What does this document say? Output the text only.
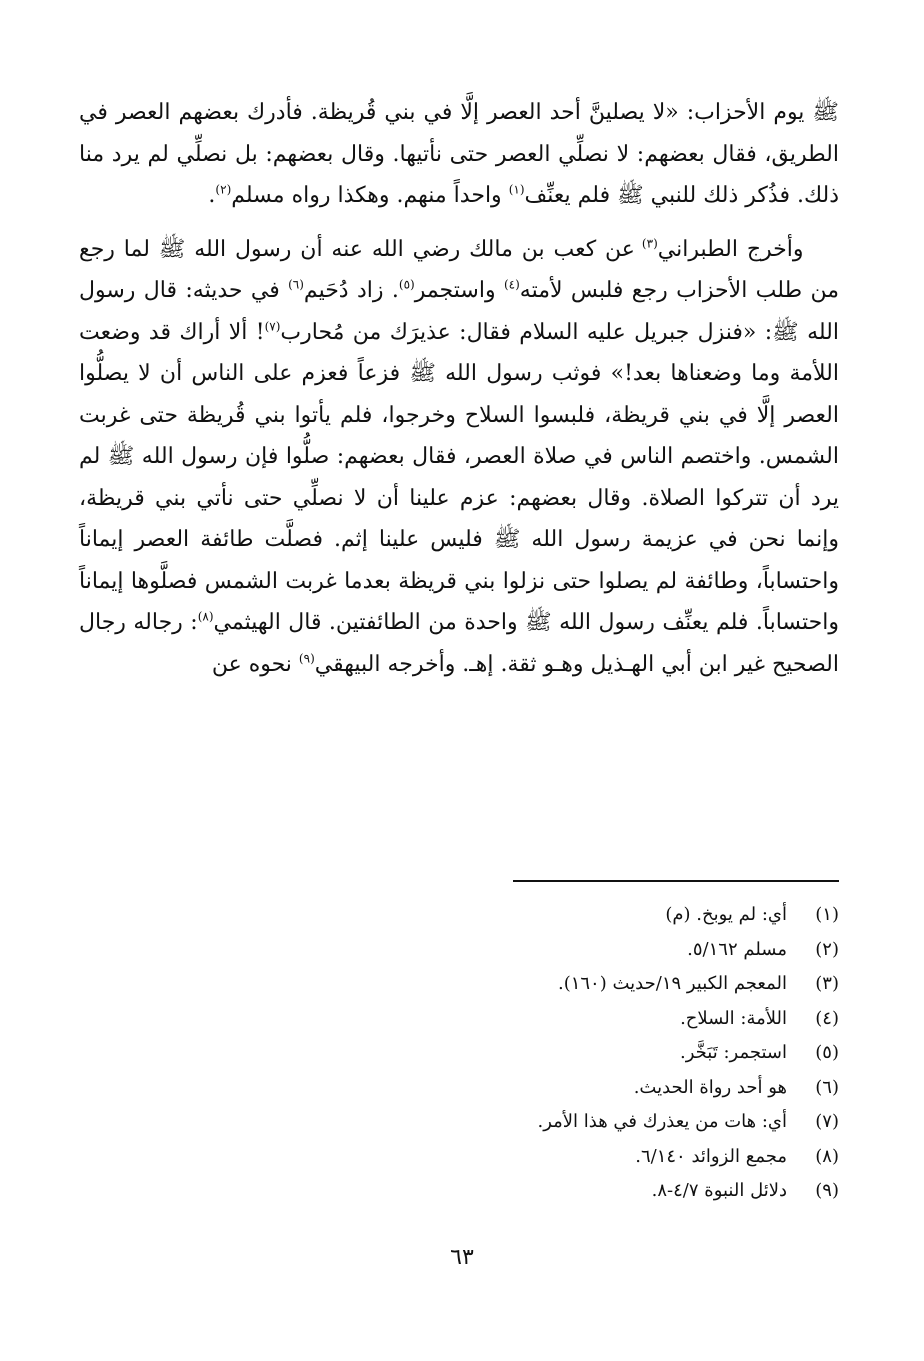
ﷺ يوم الأحزاب: «لا يصلينَّ أحد العصر إلَّا في بني قُريظة. فأدرك بعضهم العصر في الطريق، فقال بعضهم: لا نصلِّي العصر حتى نأتيها. وقال بعضهم: بل نصلِّي لم يرد منا ذلك. فذُكر ذلك للنبي ﷺ فلم يعنِّف$^{(١)}$ واحداً منهم. وهكذا رواه مسلم$^{(٢)}$.

وأخرج الطبراني$^{(٣)}$ عن كعب بن مالك رضي الله عنه أن رسول الله ﷺ لما رجع من طلب الأحزاب رجع فلبس لأمته$^{(٤)}$ واستجمر$^{(٥)}$. زاد دُحَيم$^{(٦)}$ في حديثه: قال رسول الله ﷺ: «فنزل جبريل عليه السلام فقال: عذيرَك من مُحارب$^{(٧)}$! ألا أراك قد وضعت اللأمة وما وضعناها بعد!» فوثب رسول الله ﷺ فزعاً فعزم على الناس أن لا يصلُّوا العصر إلَّا في بني قريظة، فلبسوا السلاح وخرجوا، فلم يأتوا بني قُريظة حتى غربت الشمس. واختصم الناس في صلاة العصر، فقال بعضهم: صلُّوا فإن رسول الله ﷺ لم يرد أن تتركوا الصلاة. وقال بعضهم: عزم علينا أن لا نصلِّي حتى نأتي بني قريظة، وإنما نحن في عزيمة رسول الله ﷺ فليس علينا إثم. فصلَّت طائفة العصر إيماناً واحتساباً، وطائفة لم يصلوا حتى نزلوا بني قريظة بعدما غربت الشمس فصلَّوها إيماناً واحتساباً. فلم يعنِّف رسول الله ﷺ واحدة من الطائفتين. قال الهيثمي$^{(٨)}$: رجاله رجال الصحيح غير ابن أبي الهـذيل وهـو ثقة. إهـ. وأخرجه البيهقي$^{(٩)}$ نحوه عن

(١)
أي: لم يوبخ. (م)
(٢)
مسلم ٥/١٦٢.
(٣)
المعجم الكبير ١٩/حديث (١٦٠).
(٤)
اللأمة: السلاح.
(٥)
استجمر: تَبَخَّر.
(٦)
هو أحد رواة الحديث.
(٧)
أي: هات من يعذرك في هذا الأمر.
(٨)
مجمع الزوائد ٦/١٤٠.
(٩)
دلائل النبوة ٤/٧-٨.
٦٣
